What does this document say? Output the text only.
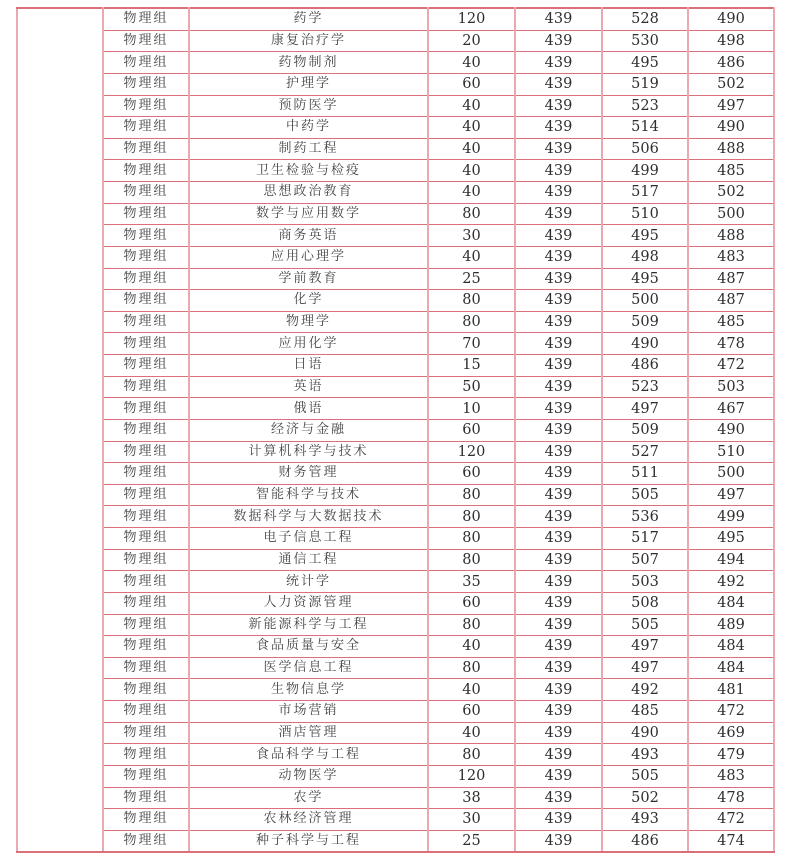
	物理组	药学	120	439	528	490
	物理组	康复治疗学	20	439	530	498
	物理组	药物制剂	40	439	495	486
	物理组	护理学	60	439	519	502
	物理组	预防医学	40	439	523	497
	物理组	中药学	40	439	514	490
	物理组	制药工程	40	439	506	488
	物理组	卫生检验与检疫	40	439	499	485
	物理组	思想政治教育	40	439	517	502
	物理组	数学与应用数学	80	439	510	500
	物理组	商务英语	30	439	495	488
	物理组	应用心理学	40	439	498	483
	物理组	学前教育	25	439	495	487
	物理组	化学	80	439	500	487
	物理组	物理学	80	439	509	485
	物理组	应用化学	70	439	490	478
	物理组	日语	15	439	486	472
	物理组	英语	50	439	523	503
	物理组	俄语	10	439	497	467
	物理组	经济与金融	60	439	509	490
	物理组	计算机科学与技术	120	439	527	510
	物理组	财务管理	60	439	511	500
	物理组	智能科学与技术	80	439	505	497
	物理组	数据科学与大数据技术	80	439	536	499
	物理组	电子信息工程	80	439	517	495
	物理组	通信工程	80	439	507	494
	物理组	统计学	35	439	503	492
	物理组	人力资源管理	60	439	508	484
	物理组	新能源科学与工程	80	439	505	489
	物理组	食品质量与安全	40	439	497	484
	物理组	医学信息工程	80	439	497	484
	物理组	生物信息学	40	439	492	481
	物理组	市场营销	60	439	485	472
	物理组	酒店管理	40	439	490	469
	物理组	食品科学与工程	80	439	493	479
	物理组	动物医学	120	439	505	483
	物理组	农学	38	439	502	478
	物理组	农林经济管理	30	439	493	472
	物理组	种子科学与工程	25	439	486	474
